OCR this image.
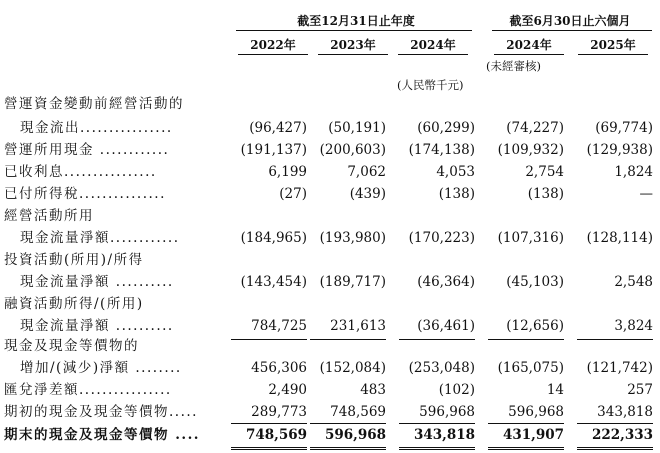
截至12月31日止年度	截至6月30日止六個月
2022年	2023年	2024年	2024年	2025年
(未經審核)
(人民幣千元)
營運資金變動前經營活動的
現金流出................	(96,427)	(50,191)	(60,299)	(74,227)	(69,774)
營運所用現金 ............	(191,137) (200,603)	(174,138)	(109,932)	(129,938)
已收利息................	6,199	7,062	4,053	2,754	1,824
已付所得稅...............	(27)	(439)	(138)	(138)	—
經營活動所用
現金流量淨額............	(184,965) (193,980)	(170,223)	(107,316)	(128,114)
投資活動(所用)/所得
現金流量淨額 ..........	(143,454) (189,717)	(46,364)	(45,103)	2,548
融資活動所得/(所用)
現金流量淨額 ..........	784,725	231,613	(36,461)	(12,656)	3,824
現金及現金等價物的
增加/(減少)淨額 ........	456,306 (152,084)	(253,048)	(165,075)	(121,742)
匯兌淨差額................	2,490	483	(102)	14	257
期初的現金及現金等價物.....	289,773	748,569	596,968	596,968	343,818
期末的現金及現金等價物 ....	748,569	596,968	343,818	431,907	222,333
